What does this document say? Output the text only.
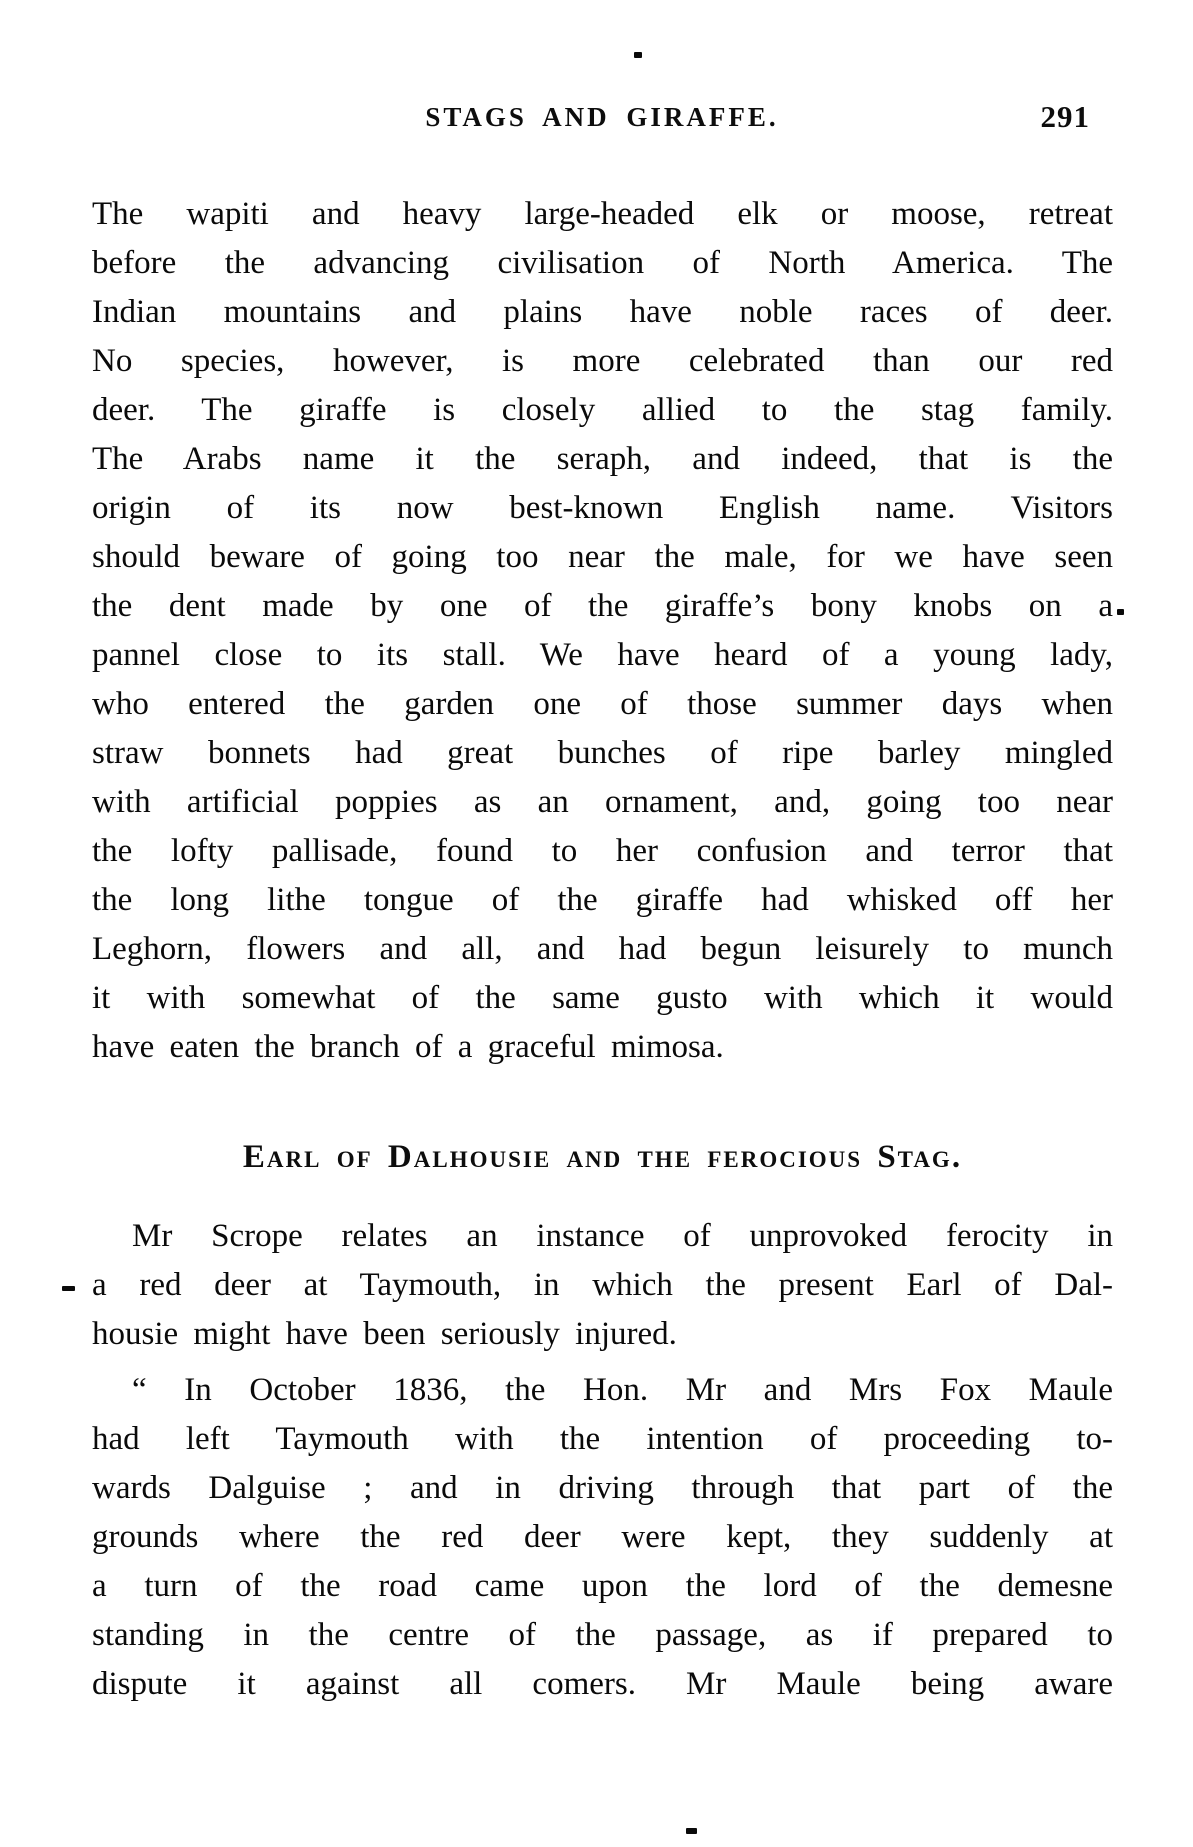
STAGS AND GIRAFFE.	291
The wapiti and heavy large-headed elk or moose, retreat
before the advancing civilisation of North America. The
Indian mountains and plains have noble races of deer.
No species, however, is more celebrated than our red
deer. The giraffe is closely allied to the stag family.
The Arabs name it the seraph, and indeed, that is the
origin of its now best-known English name. Visitors
should beware of going too near the male, for we have seen
the dent made by one of the giraffe’s bony knobs on a
pannel close to its stall. We have heard of a young lady,
who entered the garden one of those summer days when
straw bonnets had great bunches of ripe barley mingled
with artificial poppies as an ornament, and, going too near
the lofty pallisade, found to her confusion and terror that
the long lithe tongue of the giraffe had whisked off her
Leghorn, flowers and all, and had begun leisurely to munch
it with somewhat of the same gusto with which it would
have eaten the branch of a graceful mimosa.
Earl of Dalhousie and the ferocious Stag.
Mr Scrope relates an instance of unprovoked ferocity in
a red deer at Taymouth, in which the present Earl of Dal-
housie might have been seriously injured.
“ In October 1836, the Hon. Mr and Mrs Fox Maule
had left Taymouth with the intention of proceeding to-
wards Dalguise ; and in driving through that part of the
grounds where the red deer were kept, they suddenly at
a turn of the road came upon the lord of the demesne
standing in the centre of the passage, as if prepared to
dispute it against all comers. Mr Maule being aware
